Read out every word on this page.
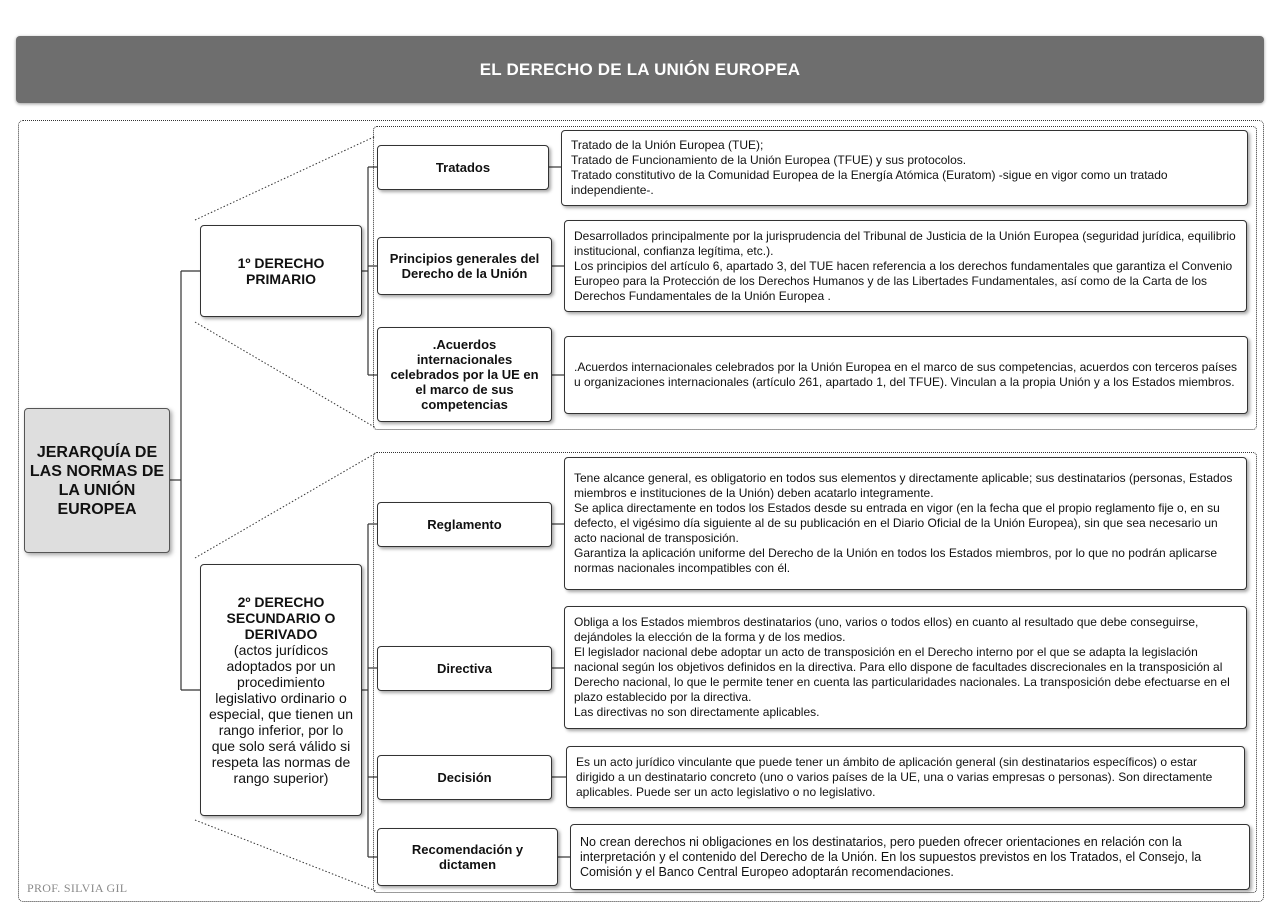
EL DERECHO DE LA UNIÓN EUROPEA
JERARQUÍA DE LAS NORMAS DE LA UNIÓN EUROPEA
1º DERECHO PRIMARIO
2º DERECHO SECUNDARIO O DERIVADO
(actos jurídicos adoptados por un procedimiento legislativo ordinario o especial, que tienen un rango inferior, por lo que solo será válido si respeta las normas de rango superior)
Tratados
Principios generales del Derecho de la Unión
.Acuerdos internacionales celebrados por la UE en el marco de sus competencias
Tratado de la Unión Europea (TUE);
Tratado de Funcionamiento de la Unión Europea (TFUE) y sus protocolos.
Tratado constitutivo de la Comunidad Europea de la Energía Atómica (Euratom) -sigue en vigor como un tratado independiente-.
Desarrollados principalmente por la jurisprudencia del Tribunal de Justicia de la Unión Europea (seguridad jurídica, equilibrio institucional, confianza legítima, etc.).
Los principios del artículo 6, apartado 3, del TUE hacen referencia a los derechos fundamentales que garantiza el Convenio Europeo para la Protección de los Derechos Humanos y de las Libertades Fundamentales, así como de la Carta de los Derechos Fundamentales de la Unión Europea .
.Acuerdos internacionales celebrados por la Unión Europea en el marco de sus competencias, acuerdos con terceros países u organizaciones internacionales (artículo 261, apartado 1, del TFUE). Vinculan a la propia Unión y a los Estados miembros.
Reglamento
Directiva
Decisión
Recomendación y dictamen
Tene alcance general, es obligatorio en todos sus elementos y directamente aplicable; sus destinatarios (personas, Estados miembros e instituciones de la Unión) deben acatarlo integramente.
Se aplica directamente en todos los Estados desde su entrada en vigor (en la fecha que el propio reglamento fije o, en su defecto, el vigésimo día siguiente al de su publicación en el Diario Oficial de la Unión Europea), sin que sea necesario un acto nacional de transposición.
Garantiza la aplicación uniforme del Derecho de la Unión en todos los Estados miembros, por lo que no podrán aplicarse normas nacionales incompatibles con él.
Obliga a los Estados miembros destinatarios (uno, varios o todos ellos) en cuanto al resultado que debe conseguirse, dejándoles la elección de la forma y de los medios.
El legislador nacional debe adoptar un acto de transposición en el Derecho interno por el que se adapta la legislación nacional según los objetivos definidos en la directiva. Para ello dispone de facultades discrecionales en la transposición al Derecho nacional, lo que le permite tener en cuenta las particularidades nacionales. La transposición debe efectuarse en el plazo establecido por la directiva.
Las directivas no son directamente aplicables.
Es un acto jurídico vinculante que puede tener un ámbito de aplicación general (sin destinatarios específicos) o estar dirigido a un destinatario concreto (uno o varios países de la UE, una o varias empresas o personas). Son directamente aplicables. Puede ser un acto legislativo o no legislativo.
No crean derechos ni obligaciones en los destinatarios, pero pueden ofrecer orientaciones en relación con la interpretación y el contenido del Derecho de la Unión. En los supuestos previstos en los Tratados, el Consejo, la Comisión y el Banco Central Europeo adoptarán recomendaciones.
PROF. SILVIA GIL
